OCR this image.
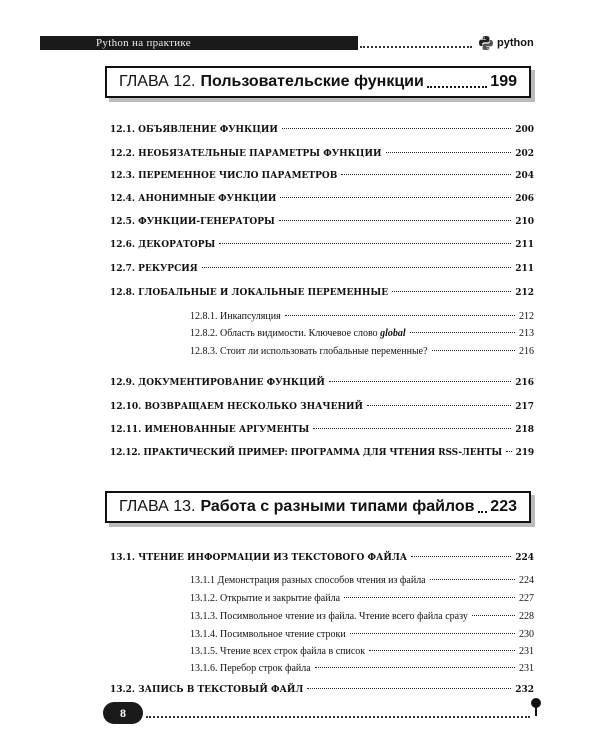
Python на практике	python
ГЛАВА 12. Пользовательские функции	199
12.1. ОБЪЯВЛЕНИЕ ФУНКЦИИ	200
12.2. НЕОБЯЗАТЕЛЬНЫЕ ПАРАМЕТРЫ ФУНКЦИИ	202
12.3. ПЕРЕМЕННОЕ ЧИСЛО ПАРАМЕТРОВ	204
12.4. АНОНИМНЫЕ ФУНКЦИИ	206
12.5. ФУНКЦИИ-ГЕНЕРАТОРЫ	210
12.6. ДЕКОРАТОРЫ	211
12.7. РЕКУРСИЯ	211
12.8. ГЛОБАЛЬНЫЕ И ЛОКАЛЬНЫЕ ПЕРЕМЕННЫЕ	212
12.8.1. Инкапсуляция	212
12.8.2. Область видимости. Ключевое слово global	213
12.8.3. Стоит ли использовать глобальные переменные?	216
12.9. ДОКУМЕНТИРОВАНИЕ ФУНКЦИЙ	216
12.10. ВОЗВРАЩАЕМ НЕСКОЛЬКО ЗНАЧЕНИЙ	217
12.11. ИМЕНОВАННЫЕ АРГУМЕНТЫ	218
12.12. ПРАКТИЧЕСКИЙ ПРИМЕР: ПРОГРАММА ДЛЯ ЧТЕНИЯ RSS-ЛЕНТЫ 219
ГЛАВА 13. Работа с разными типами файлов 223
13.1. ЧТЕНИЕ ИНФОРМАЦИИ ИЗ ТЕКСТОВОГО ФАЙЛА	224
13.1.1 Демонстрация разных способов чтения из файла	224
13.1.2. Открытие и закрытие файла	227
13.1.3. Посимвольное чтение из файла. Чтение всего файла сразу	228
13.1.4. Посимвольное чтение строки	230
13.1.5. Чтение всех строк файла в список	231
13.1.6. Перебор строк файла	231
13.2. ЗАПИСЬ В ТЕКСТОВЫЙ ФАЙЛ	232
8
